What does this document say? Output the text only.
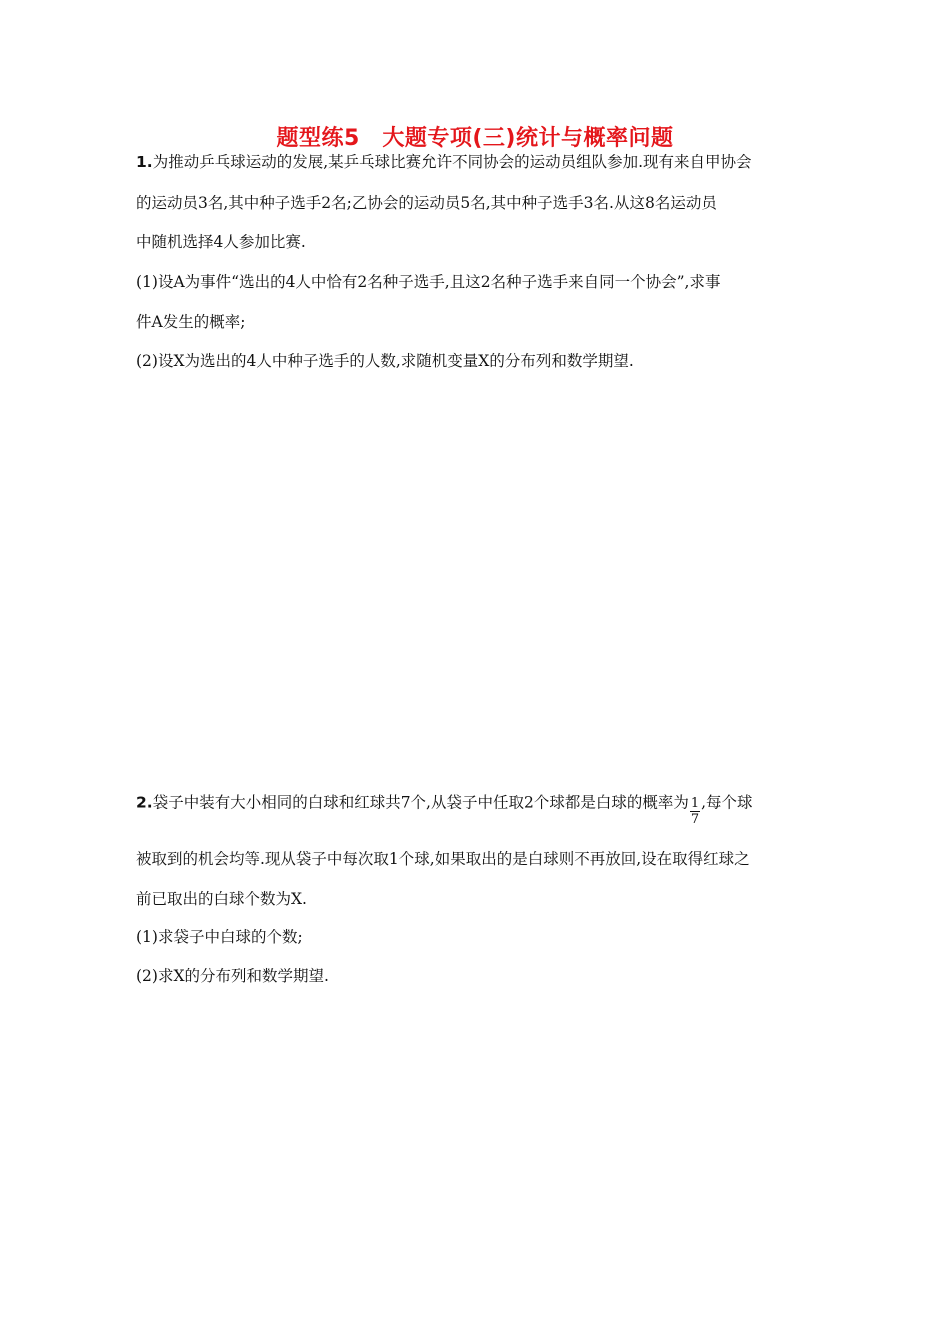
题型练5　大题专项(三)统计与概率问题
1.为推动乒乓球运动的发展,某乒乓球比赛允许不同协会的运动员组队参加.现有来自甲协会
的运动员3名,其中种子选手2名;乙协会的运动员5名,其中种子选手3名.从这8名运动员
中随机选择4人参加比赛.
(1)设A为事件“选出的4人中恰有2名种子选手,且这2名种子选手来自同一个协会”,求事
件A发生的概率;
(2)设X为选出的4人中种子选手的人数,求随机变量X的分布列和数学期望.
2.袋子中装有大小相同的白球和红球共7个,从袋子中任取2个球都是白球的概率为 $\frac{1}{7}$ ,每个球
被取到的机会均等.现从袋子中每次取1个球,如果取出的是白球则不再放回,设在取得红球之
前已取出的白球个数为X.
(1)求袋子中白球的个数;
(2)求X的分布列和数学期望.
